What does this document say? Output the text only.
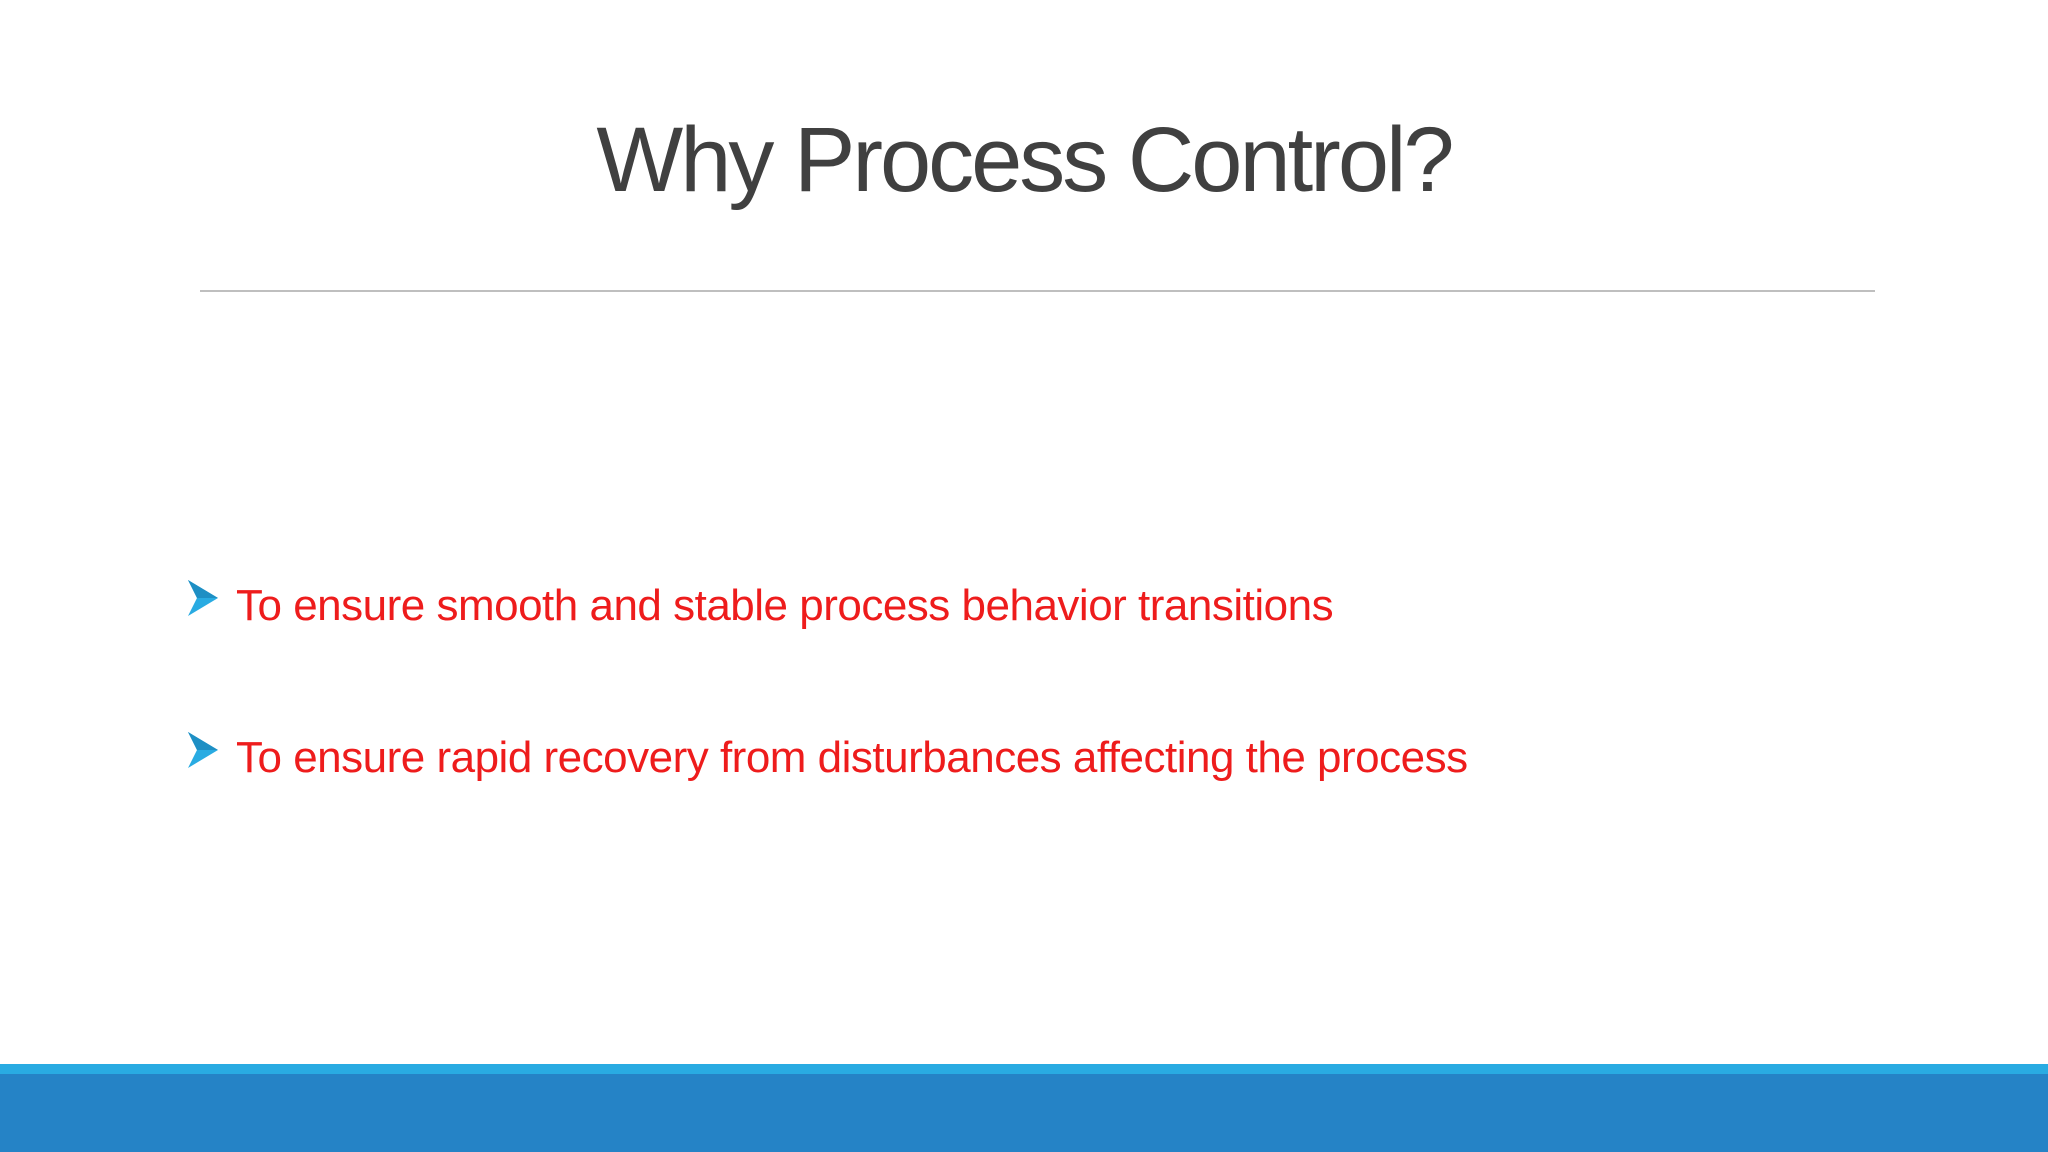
Why Process Control?
To ensure smooth and stable process behavior transitions
To ensure rapid recovery from disturbances affecting the process
